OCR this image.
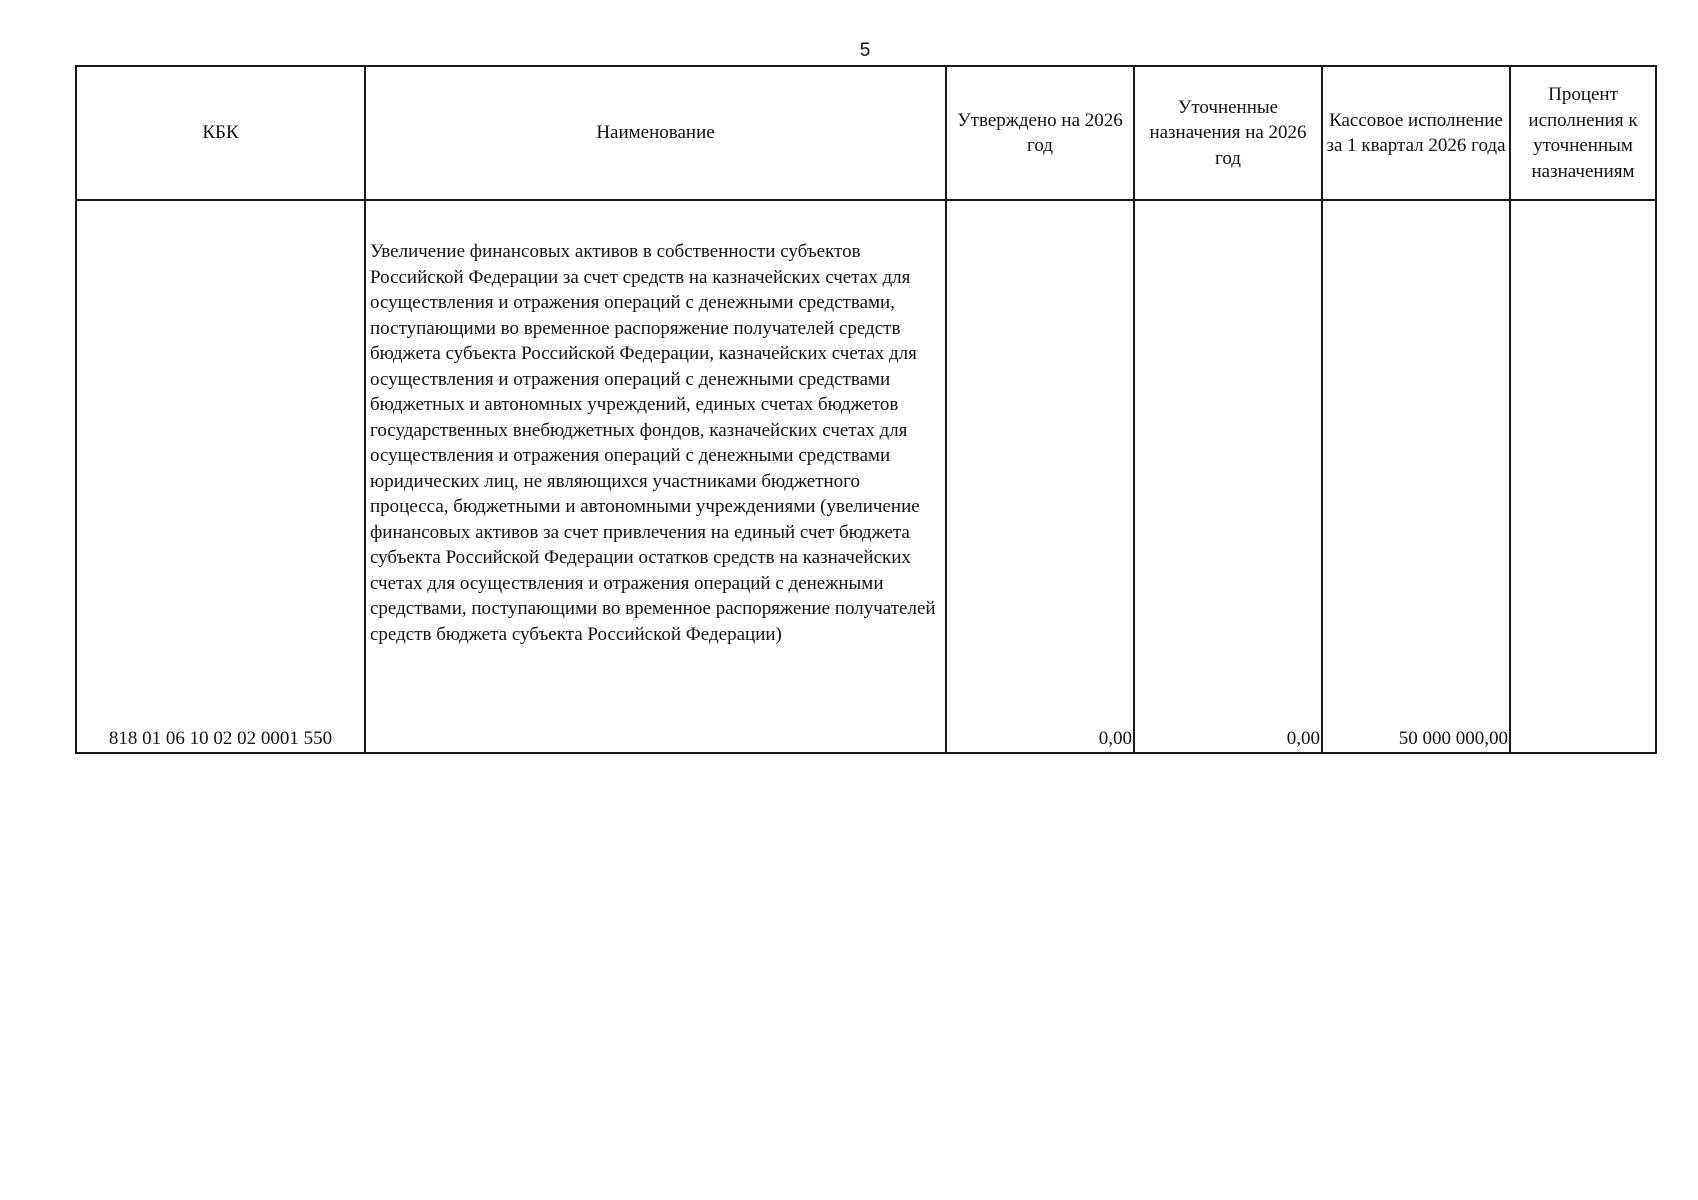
5
КБК	Наименование	Утверждено на 2026 год	Уточненные назначения на 2026 год	Кассовое исполнение за 1 квартал 2026 года	Процент исполнения к уточненным назначениям
818 01 06 10 02 02 0001 550	Увеличение финансовых активов в собственности субъектов Российской Федерации за счет средств на казначейских счетах для осуществления и отражения операций с денежными средствами, поступающими во временное распоряжение получателей средств бюджета субъекта Российской Федерации, казначейских счетах для осуществления и отражения операций с денежными средствами бюджетных и автономных учреждений, единых счетах бюджетов государственных внебюджетных фондов, казначейских счетах для осуществления и отражения операций с денежными средствами юридических лиц, не являющихся участниками бюджетного процесса, бюджетными и автономными учреждениями (увеличение финансовых активов за счет привлечения на единый счет бюджета субъекта Российской Федерации остатков средств на казначейских счетах для осуществления и отражения операций с денежными средствами, поступающими во временное распоряжение получателей средств бюджета субъекта Российской Федерации)	0,00	0,00	50 000 000,00	
